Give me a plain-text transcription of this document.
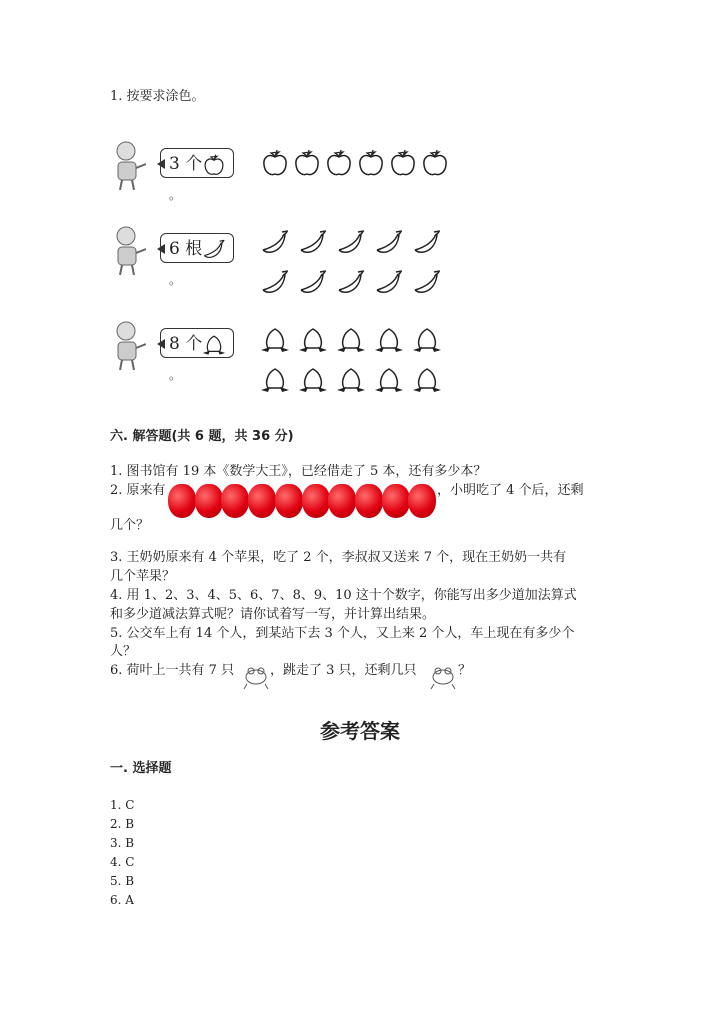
1. 按要求涂色。
六. 解答题(共 6 题，共 36 分)
1. 图书馆有 19 本《数学大王》，已经借走了 5 本，还有多少本？
2. 原来有	，小明吃了 4 个后，还剩
几个？
3. 王奶奶原来有 4 个苹果，吃了 2 个，李叔叔又送来 7 个，现在王奶奶一共有
几个苹果？
4. 用 1、2、3、4、5、6、7、8、9、10 这十个数字，你能写出多少道加法算式
和多少道减法算式呢？请你试着写一写，并计算出结果。
5. 公交车上有 14 个人，到某站下去 3 个人，又上来 2 个人，车上现在有多少个
人？
6. 荷叶上一共有 7 只	，跳走了 3 只，还剩几只	？
参考答案
一. 选择题
1. C
2. B
3. B
4. C
5. B
6. A
3 个。
6 根。
8 个。
